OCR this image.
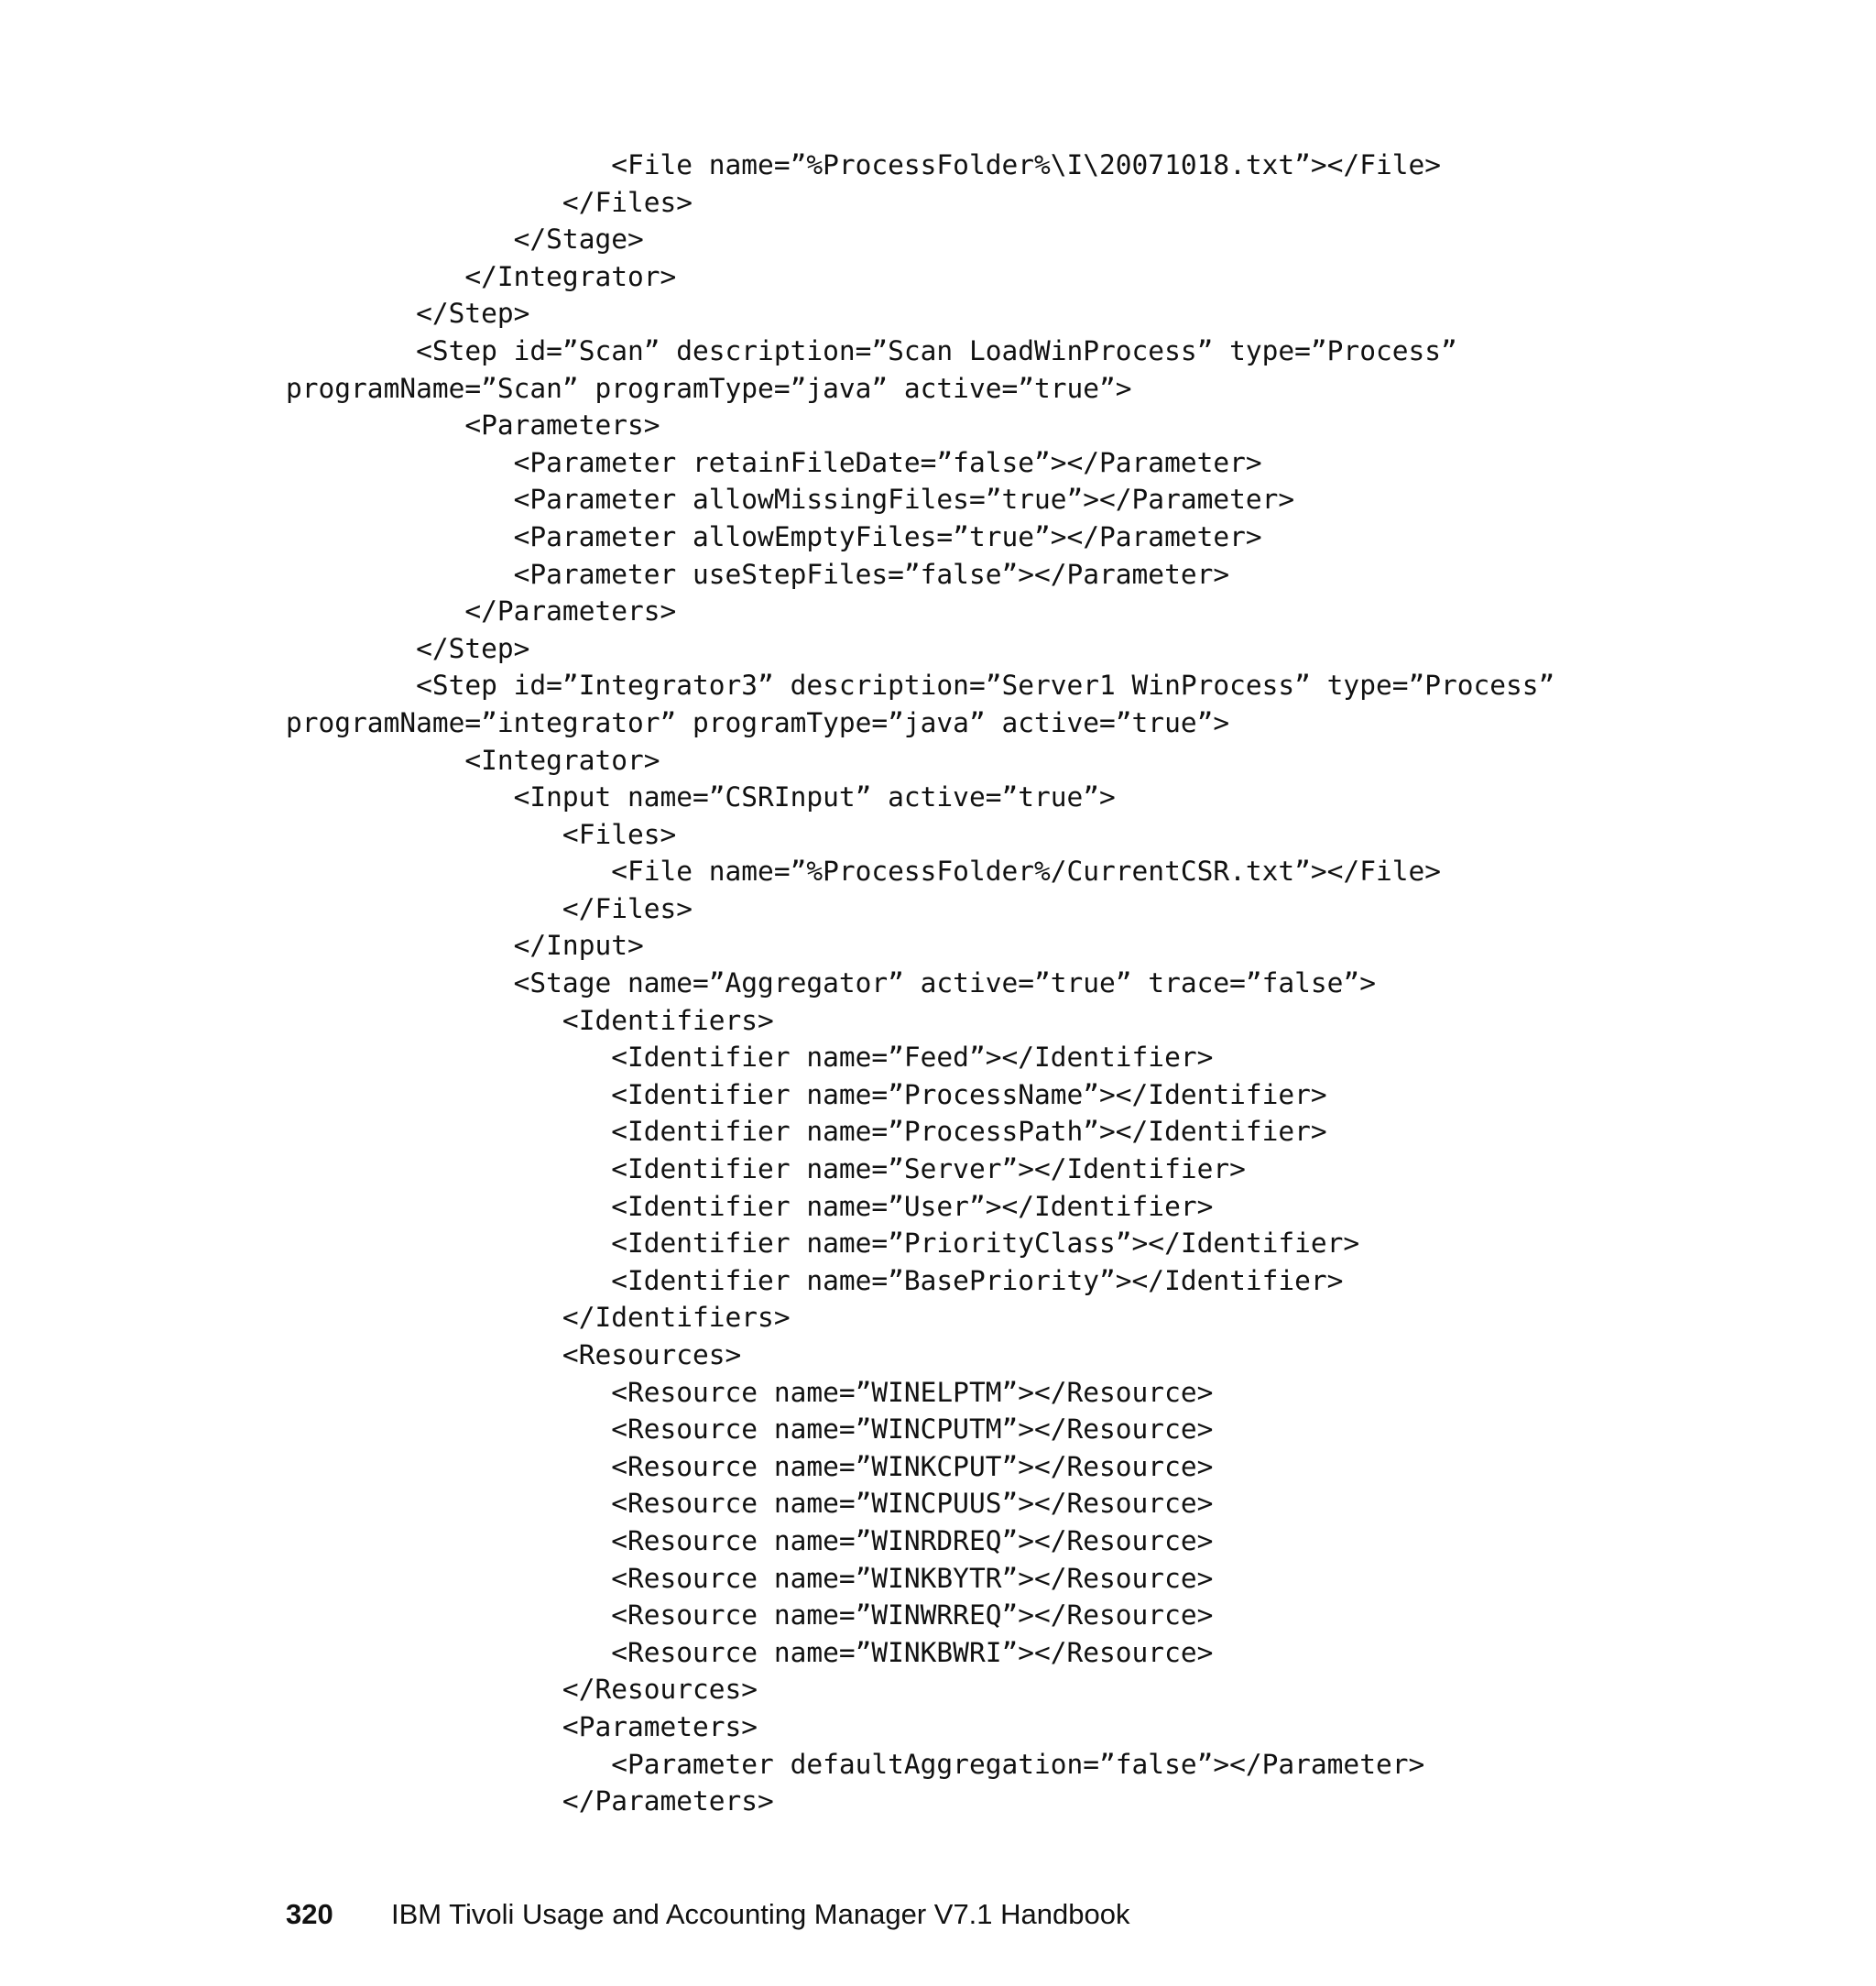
<File name=”%ProcessFolder%\I\20071018.txt”></File>
</Files>
</Stage>
</Integrator>
</Step>
<Step id=”Scan” description=”Scan LoadWinProcess” type=”Process”
programName=”Scan” programType=”java” active=”true”>
<Parameters>
<Parameter retainFileDate=”false”></Parameter>
<Parameter allowMissingFiles=”true”></Parameter>
<Parameter allowEmptyFiles=”true”></Parameter>
<Parameter useStepFiles=”false”></Parameter>
</Parameters>
</Step>
<Step id=”Integrator3” description=”Server1 WinProcess” type=”Process”
programName=”integrator” programType=”java” active=”true”>
<Integrator>
<Input name=”CSRInput” active=”true”>
<Files>
<File name=”%ProcessFolder%/CurrentCSR.txt”></File>
</Files>
</Input>
<Stage name=”Aggregator” active=”true” trace=”false”>
<Identifiers>
<Identifier name=”Feed”></Identifier>
<Identifier name=”ProcessName”></Identifier>
<Identifier name=”ProcessPath”></Identifier>
<Identifier name=”Server”></Identifier>
<Identifier name=”User”></Identifier>
<Identifier name=”PriorityClass”></Identifier>
<Identifier name=”BasePriority”></Identifier>
</Identifiers>
<Resources>
<Resource name=”WINELPTM”></Resource>
<Resource name=”WINCPUTM”></Resource>
<Resource name=”WINKCPUT”></Resource>
<Resource name=”WINCPUUS”></Resource>
<Resource name=”WINRDREQ”></Resource>
<Resource name=”WINKBYTR”></Resource>
<Resource name=”WINWRREQ”></Resource>
<Resource name=”WINKBWRI”></Resource>
</Resources>
<Parameters>
<Parameter defaultAggregation=”false”></Parameter>
</Parameters>
320 IBM Tivoli Usage and Accounting Manager V7.1 Handbook
